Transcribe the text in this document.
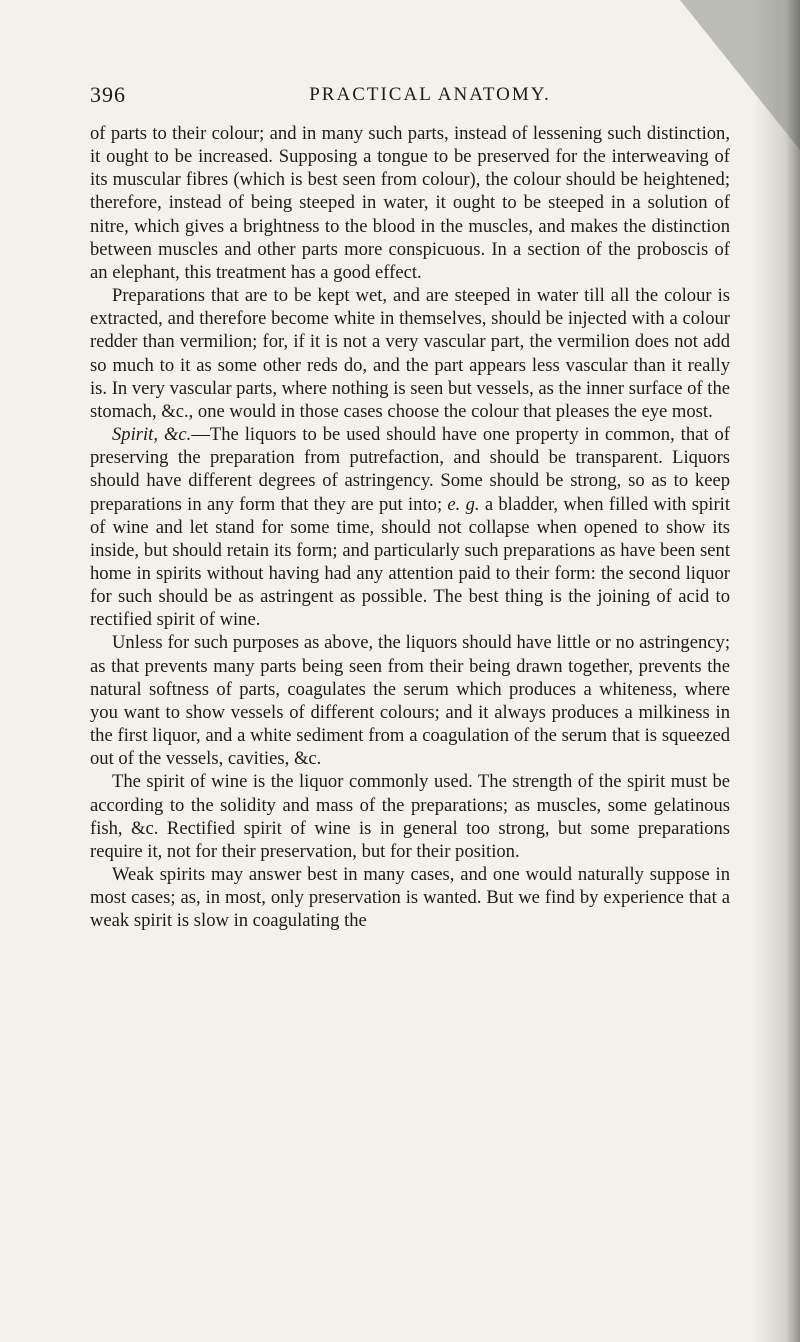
396	PRACTICAL ANATOMY.

of parts to their colour; and in many such parts, instead of lessening such distinction, it ought to be increased. Supposing a tongue to be preserved for the interweaving of its muscular fibres (which is best seen from colour), the colour should be heightened; therefore, instead of being steeped in water, it ought to be steeped in a solution of nitre, which gives a brightness to the blood in the muscles, and makes the distinction between muscles and other parts more conspicuous. In a section of the proboscis of an elephant, this treatment has a good effect.

Preparations that are to be kept wet, and are steeped in water till all the colour is extracted, and therefore become white in themselves, should be injected with a colour redder than vermilion; for, if it is not a very vascular part, the vermilion does not add so much to it as some other reds do, and the part appears less vascular than it really is. In very vascular parts, where nothing is seen but vessels, as the inner surface of the stomach, &c., one would in those cases choose the colour that pleases the eye most.

Spirit, &c.—The liquors to be used should have one property in common, that of preserving the preparation from putrefaction, and should be transparent. Liquors should have different degrees of astringency. Some should be strong, so as to keep preparations in any form that they are put into; e. g. a bladder, when filled with spirit of wine and let stand for some time, should not collapse when opened to show its inside, but should retain its form; and particularly such preparations as have been sent home in spirits without having had any attention paid to their form: the second liquor for such should be as astringent as possible. The best thing is the joining of acid to rectified spirit of wine.

Unless for such purposes as above, the liquors should have little or no astringency; as that prevents many parts being seen from their being drawn together, prevents the natural softness of parts, coagulates the serum which produces a whiteness, where you want to show vessels of different colours; and it always produces a milkiness in the first liquor, and a white sediment from a coagulation of the serum that is squeezed out of the vessels, cavities, &c.

The spirit of wine is the liquor commonly used. The strength of the spirit must be according to the solidity and mass of the preparations; as muscles, some gelatinous fish, &c. Rectified spirit of wine is in general too strong, but some preparations require it, not for their preservation, but for their position.

Weak spirits may answer best in many cases, and one would naturally suppose in most cases; as, in most, only preservation is wanted. But we find by experience that a weak spirit is slow in coagulating the
